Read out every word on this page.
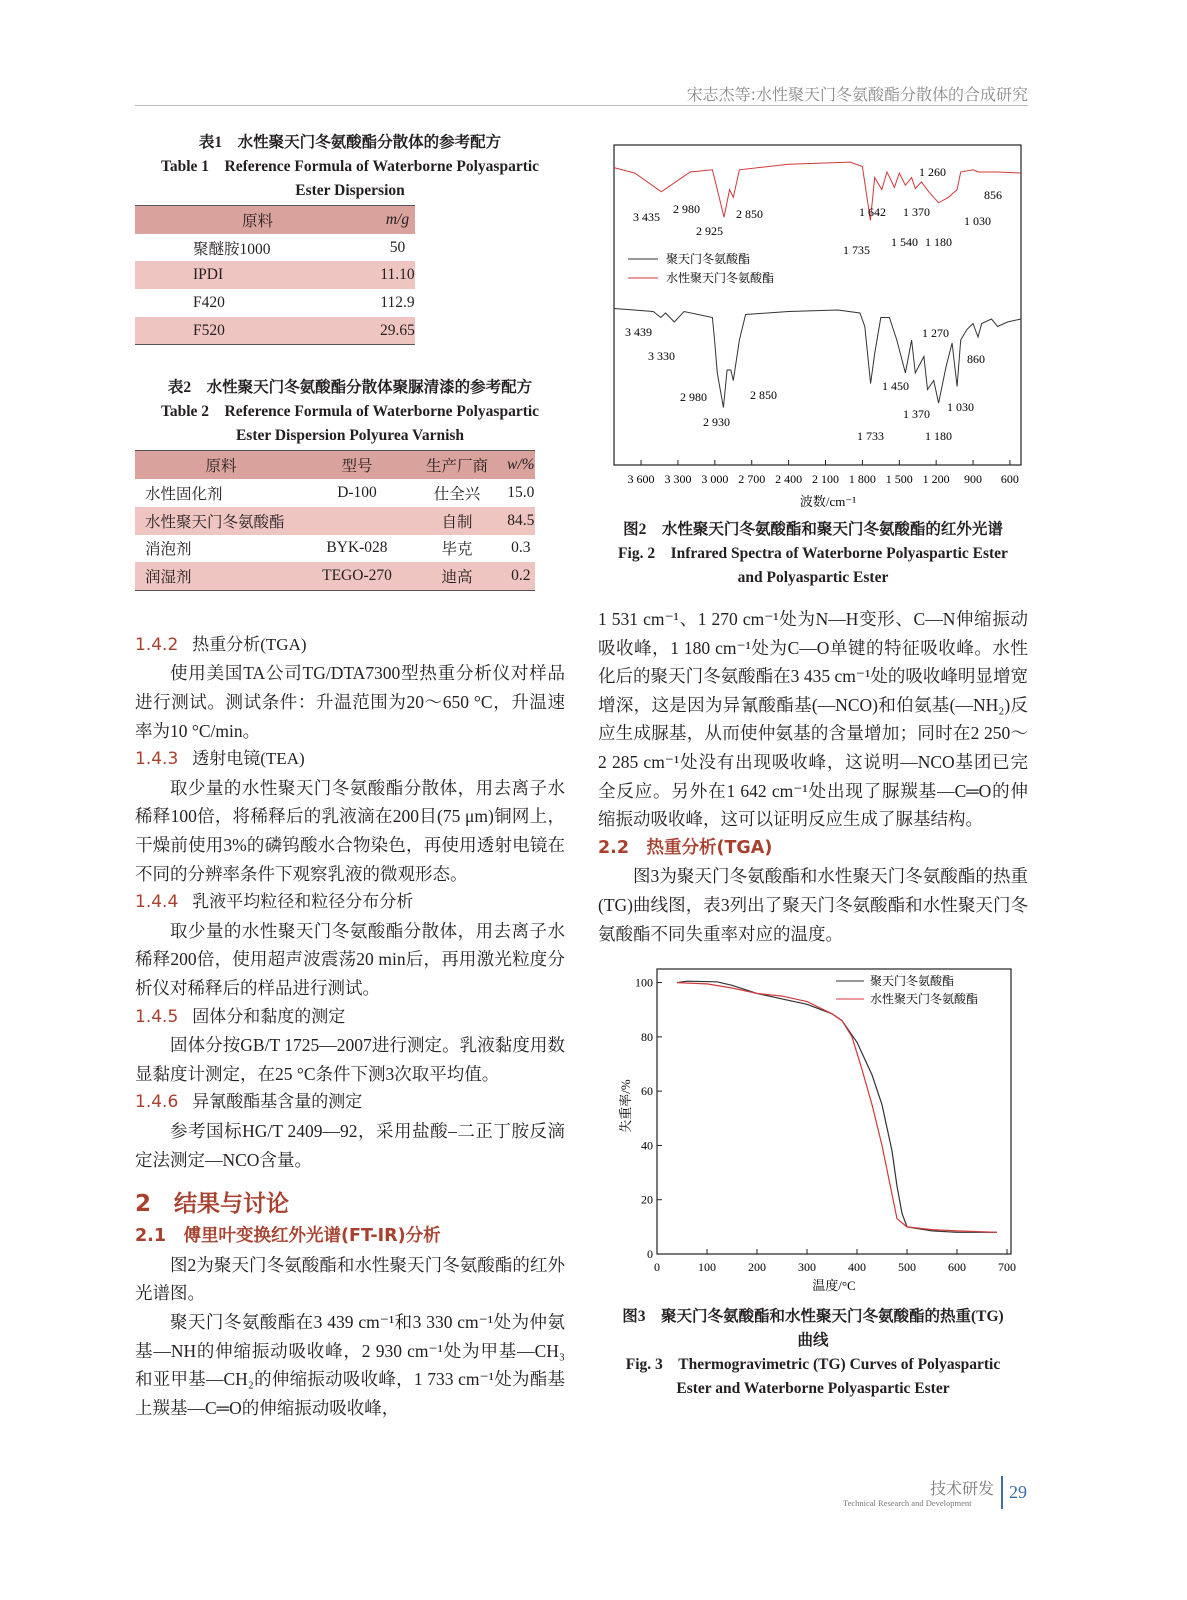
宋志杰等:水性聚天门冬氨酸酯分散体的合成研究
表1　水性聚天门冬氨酸酯分散体的参考配方
Table 1　Reference Formula of Waterborne Polyaspartic
Ester Dispersion
原料	m/g
聚醚胺1000	50
IPDI	11.10
F420	112.9
F520	29.65
表2　水性聚天门冬氨酸酯分散体聚脲清漆的参考配方
Table 2　Reference Formula of Waterborne Polyaspartic
Ester Dispersion Polyurea Varnish
原料	型号	生产厂商	w/%
水性固化剂	D-100	仕全兴	15.0
水性聚天门冬氨酸酯		自制	84.5
消泡剂	BYK-028	毕克	0.3
润湿剂	TEGO-270	迪高	0.2
1.4.2 热重分析(TGA)

使用美国TA公司TG/DTA7300型热重分析仪对样品进行测试。测试条件：升温范围为20～650 °C，升温速率为10 °C/min。

1.4.3 透射电镜(TEA)

取少量的水性聚天门冬氨酸酯分散体，用去离子水稀释100倍，将稀释后的乳液滴在200目(75 μm)铜网上，干燥前使用3%的磷钨酸水合物染色，再使用透射电镜在不同的分辨率条件下观察乳液的微观形态。

1.4.4 乳液平均粒径和粒径分布分析

取少量的水性聚天门冬氨酸酯分散体，用去离子水稀释200倍，使用超声波震荡20 min后，再用激光粒度分析仪对稀释后的样品进行测试。

1.4.5 固体分和黏度的测定

固体分按GB/T 1725—2007进行测定。乳液黏度用数显黏度计测定，在25 °C条件下测3次取平均值。

1.4.6 异氰酸酯基含量的测定

参考国标HG/T 2409—92，采用盐酸–二正丁胺反滴定法测定—NCO含量。

2　结果与讨论
2.1　傅里叶变换红外光谱(FT-IR)分析

图2为聚天门冬氨酸酯和水性聚天门冬氨酸酯的红外光谱图。

聚天门冬氨酸酯在3 439 cm⁻¹和3 330 cm⁻¹处为仲氨基—NH的伸缩振动吸收峰，2 930 cm⁻¹处为甲基—CH₃和亚甲基—CH₂的伸缩振动吸收峰，1 733 cm⁻¹处为酯基上羰基—C═O的伸缩振动吸收峰，

3 600 3 300 3 000 2 700 2 400 2 100 1 800 1 500 1 200 900 600
3 435
2 980
2 925
2 850
1 735
1 642
1 540
1 370
1 260
1 180
1 030
856
3 439
3 330
2 980
2 930
2 850
1 733
1 450
1 370
1 270
1 180
1 030
860
聚天门冬氨酸酯
水性聚天门冬氨酸酯
波数/cm⁻¹
图2　水性聚天门冬氨酸酯和聚天门冬氨酸酯的红外光谱
Fig. 2　Infrared Spectra of Waterborne Polyaspartic Ester
and Polyaspartic Ester

1 531 cm⁻¹、1 270 cm⁻¹处为N—H变形、C—N伸缩振动吸收峰，1 180 cm⁻¹处为C—O单键的特征吸收峰。水性化后的聚天门冬氨酸酯在3 435 cm⁻¹处的吸收峰明显增宽增深，这是因为异氰酸酯基(—NCO)和伯氨基(—NH₂)反应生成脲基，从而使仲氨基的含量增加；同时在2 250～2 285 cm⁻¹处没有出现吸收峰，这说明—NCO基团已完全反应。另外在1 642 cm⁻¹处出现了脲羰基—C═O的伸缩振动吸收峰，这可以证明反应生成了脲基结构。

2.2　热重分析(TGA)

图3为聚天门冬氨酸酯和水性聚天门冬氨酸酯的热重(TG)曲线图，表3列出了聚天门冬氨酸酯和水性聚天门冬氨酸酯不同失重率对应的温度。

0	100	200	300	400	500	600	700
0
20
40
60
80
100	聚天门冬氨酸酯
水性聚天门冬氨酸酯
温度/°C
失重率/%
图3　聚天门冬氨酸酯和水性聚天门冬氨酸酯的热重(TG)
曲线
Fig. 3　Thermogravimetric (TG) Curves of Polyaspartic
Ester and Waterborne Polyaspartic Ester
技术研发
Technical Research and Development
29
